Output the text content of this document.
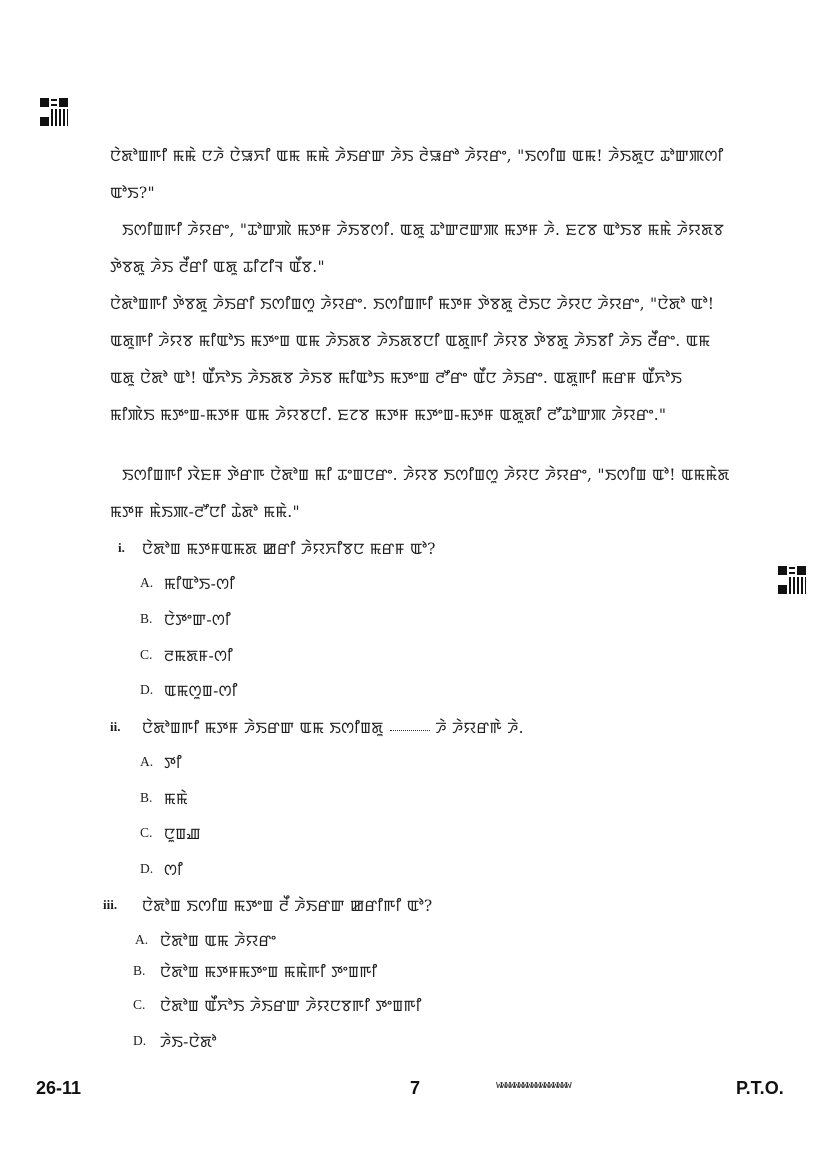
ꯅꯥꯗꯣꯡꯒꯤ ꯃꯃꯥ ꯅꯍꯥ ꯅꯥꯎꯈꯤ ꯑꯃ ꯃꯃꯥ ꯍꯥꯏꯔꯛ ꯍꯥꯏ ꯂꯥꯎꯔꯣ ꯍꯥꯌꯔꯦ, "ꯏꯁꯤꯡ ꯑꯃ! ꯍꯥꯏꯗꯨꯅ ꯊꯣꯛꯄꯁꯤ ꯑꯣꯏ?"
ꯏꯁꯤꯡꯒꯤ ꯍꯥꯌꯔꯦ, "ꯊꯣꯛꯄꯥ ꯃꯇꯝ ꯍꯥꯏꯕꯁꯤ. ꯑꯗꯨ ꯊꯣꯛꯂꯛꯄ ꯃꯇꯝ ꯍꯥ. ꯐꯖꯕ ꯑꯣꯏꯕ ꯃꯃꯥ ꯍꯥꯌꯗꯕ ꯇꯥꯕꯗꯨ ꯍꯥꯏ ꯂꯩꯔꯤ ꯑꯗꯨ ꯊꯤꯖꯤꯜ ꯑꯩꯕ."
ꯅꯥꯗꯣꯡꯒꯤ ꯇꯥꯕꯗꯨ ꯍꯥꯏꯔꯤ ꯏꯁꯤꯡꯁꯨ ꯍꯥꯌꯔꯦ. ꯏꯁꯤꯡꯒꯤ ꯃꯇꯝ ꯇꯥꯕꯗꯨ ꯂꯥꯏꯅ ꯍꯥꯌꯅ ꯍꯥꯌꯔꯦ, "ꯅꯥꯗꯣ ꯑꯣ! ꯑꯗꯨꯒꯤ ꯍꯥꯌꯕ ꯃꯤꯑꯣꯏ ꯃꯇꯦꯡ ꯑꯃ ꯍꯥꯏꯗꯕ ꯍꯥꯏꯗꯕꯅꯤ ꯑꯗꯨꯒꯤ ꯍꯥꯌꯕ ꯇꯥꯕꯗꯨ ꯍꯥꯏꯕꯤ ꯍꯥꯏ ꯂꯩꯔꯦ. ꯑꯃ ꯑꯗꯨ ꯅꯥꯗꯣ ꯑꯣ! ꯑꯩꯈꯣꯏ ꯍꯥꯏꯗꯕ ꯍꯥꯏꯕ ꯃꯤꯑꯣꯏ ꯃꯇꯦꯡ ꯂꯧꯔꯦ ꯑꯩꯅ ꯍꯥꯏꯔꯦ. ꯑꯗꯨꯒꯤ ꯃꯔꯝ ꯑꯩꯈꯣꯏ ꯃꯤꯄꯥꯏ ꯃꯇꯦꯡ-ꯃꯇꯝ ꯑꯃ ꯍꯥꯌꯕꯅꯤ. ꯐꯖꯕ ꯃꯇꯝ ꯃꯇꯦꯡ-ꯃꯇꯝ ꯑꯗꯨꯗꯤ ꯂꯧꯊꯣꯛꯄ ꯍꯥꯌꯔꯦ."
ꯏꯁꯤꯡꯒꯤ ꯋꯥꯐꯝ ꯇꯥꯔꯒ ꯅꯥꯗꯣꯡ ꯃꯤ ꯊꯦꯡꯅꯔꯦ. ꯍꯥꯌꯕ ꯏꯁꯤꯡꯁꯨ ꯍꯥꯌꯅ ꯍꯥꯌꯔꯦ, "ꯏꯁꯤꯡ ꯑꯣ! ꯑꯃꯃꯥꯗ ꯃꯇꯝ ꯃꯥꯏꯄ-ꯂꯧꯅꯤ ꯊꯥꯗꯣ ꯃꯃꯥ."
i. ꯅꯥꯗꯣꯡ ꯃꯇꯝꯑꯃꯗ ꯀꯔꯤ ꯍꯥꯌꯈꯤꯕꯅ ꯃꯔꯝ ꯑꯣ?
A. ꯃꯤꯑꯣꯏ-ꯁꯤ
B. ꯅꯥꯇꯦꯛ-ꯁꯤ
C. ꯂꯃꯗꯝ-ꯁꯤ
D. ꯑꯃꯁꯨꯡ-ꯁꯤ
ii. ꯅꯥꯗꯣꯡꯒꯤ ꯃꯇꯝ ꯍꯥꯏꯔꯛ ꯑꯃ ꯏꯁꯤꯡꯗꯨ	ꯍꯥ ꯍꯥꯌꯔꯒꯥ ꯍꯥ.
A. ꯇꯤ
B. ꯃꯃꯥ
C. ꯅꯨꯡꯉ
D. ꯁꯤ
iii. ꯅꯥꯗꯣꯡ ꯏꯁꯤꯡ ꯃꯇꯦꯡ ꯂꯩ ꯍꯥꯏꯔꯛ ꯀꯔꯤꯒꯤ ꯑꯣ?
A. ꯅꯥꯗꯣꯡ ꯑꯃ ꯍꯥꯌꯔꯦ
B. ꯅꯥꯗꯣꯡ ꯃꯇꯝꯃꯇꯦꯡ ꯃꯃꯥꯒꯤ ꯇꯦꯡꯒꯤ
C. ꯅꯥꯗꯣꯡ ꯑꯩꯈꯣꯏ ꯍꯥꯏꯔꯛ ꯍꯥꯌꯅꯕꯒꯤ ꯇꯦꯡꯒꯤ
D. ꯍꯥꯏ-ꯅꯥꯗꯣ
26-11	7	wwwwwwwwwwwwwwwww	P.T.O.
